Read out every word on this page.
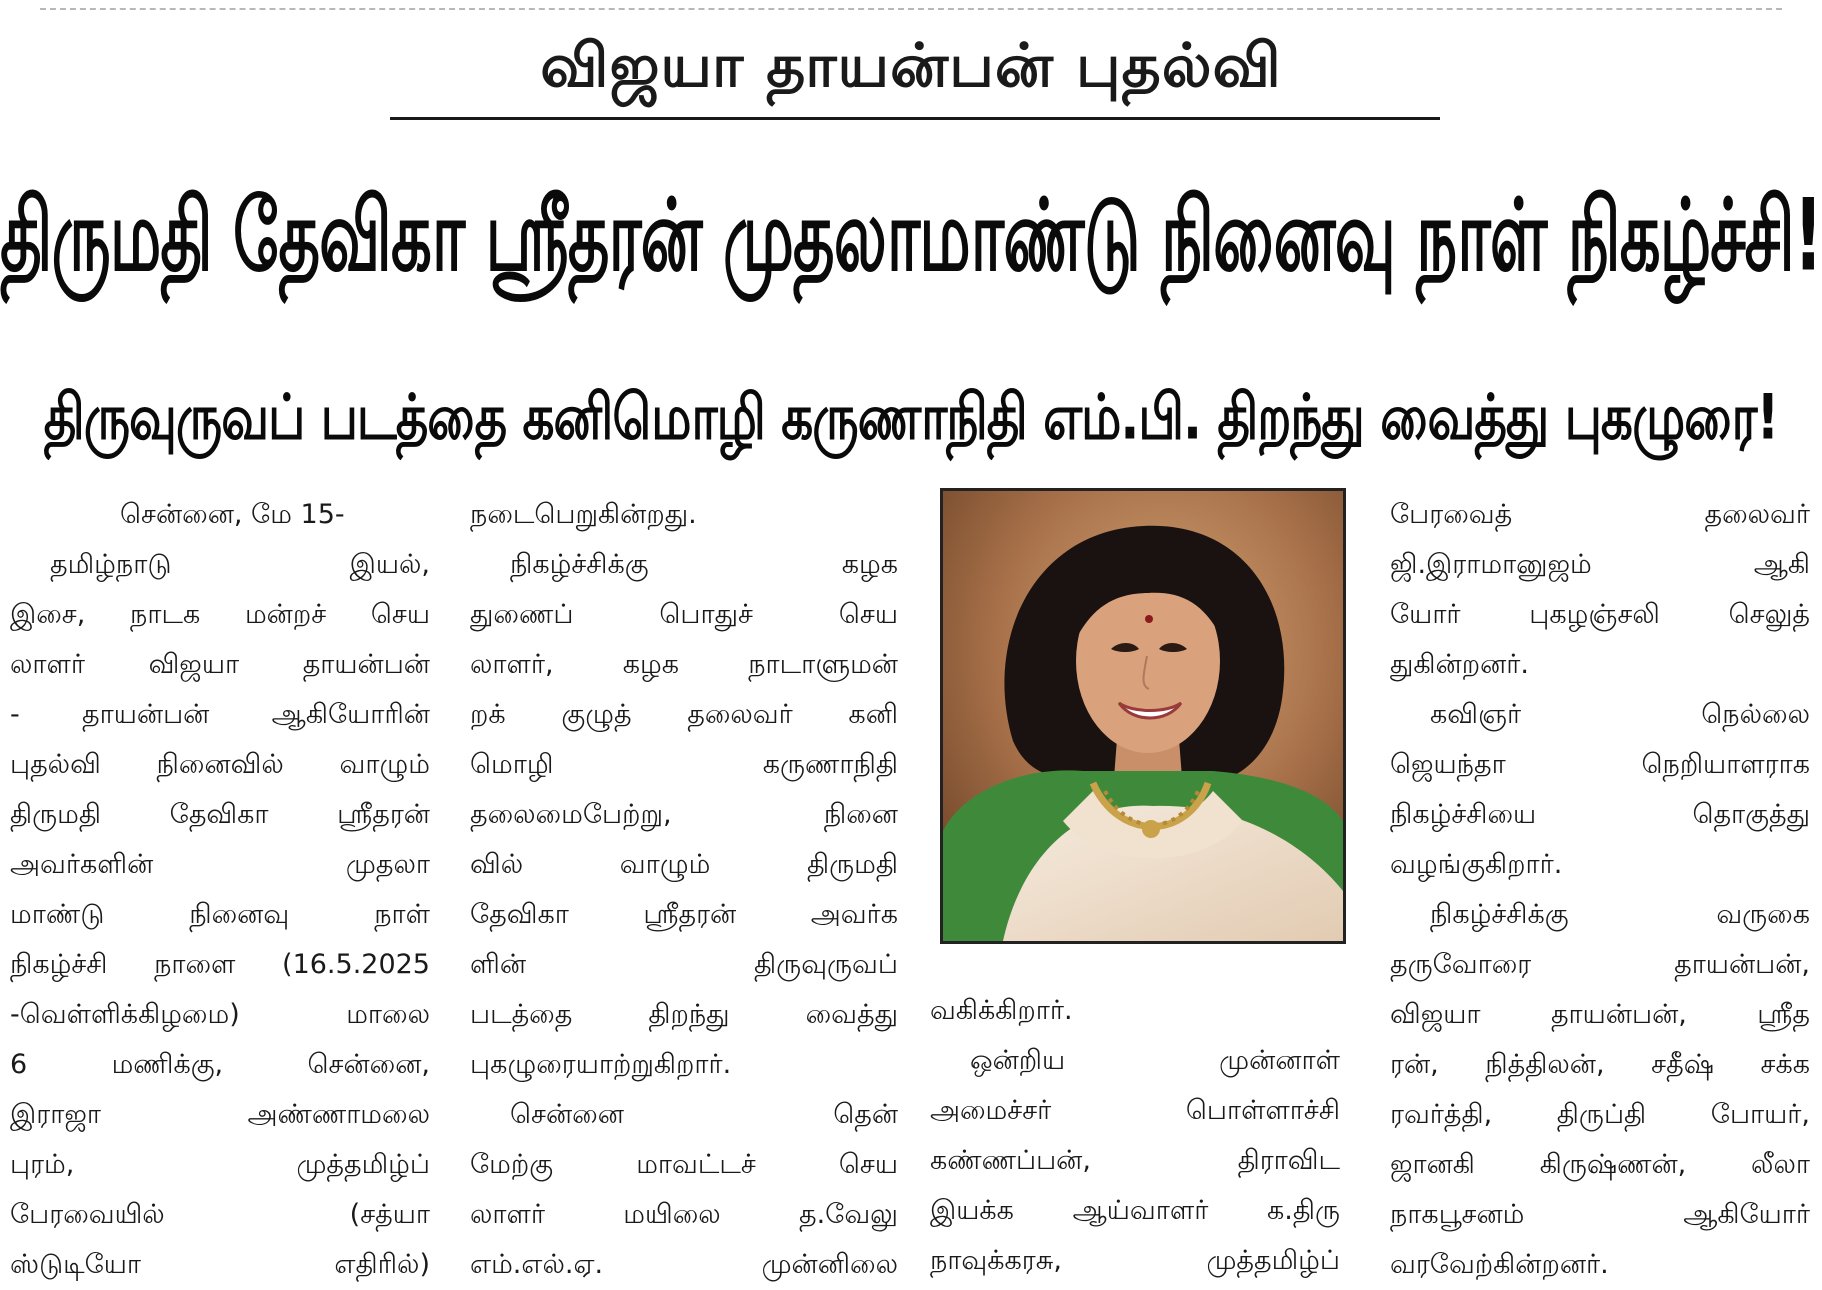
விஜயா தாயன்பன் புதல்வி
திருமதி தேவிகா ஸ்ரீதரன் முதலாமாண்டு நினைவு நாள் நிகழ்ச்சி!
திருவுருவப் படத்தை கனிமொழி கருணாநிதி எம்.பி. திறந்து வைத்து புகழுரை!
சென்னை, மே 15-
தமிழ்நாடு இயல்,
இசை, நாடக மன்றச் செய
லாளர் விஜயா தாயன்பன்
- தாயன்பன் ஆகியோரின்
புதல்வி நினைவில் வாழும்
திருமதி தேவிகா ஸ்ரீதரன்
அவர்களின் முதலா
மாண்டு நினைவு நாள்
நிகழ்ச்சி நாளை (16.5.2025
-வெள்ளிக்கிழமை) மாலை
6 மணிக்கு, சென்னை,
இராஜா அண்ணாமலை
புரம், முத்தமிழ்ப்
பேரவையில் (சத்யா
ஸ்டுடியோ எதிரில்)
நடைபெறுகின்றது.
நிகழ்ச்சிக்கு கழக
துணைப் பொதுச் செய
லாளர், கழக நாடாளுமன்
றக் குழுத் தலைவர் கனி
மொழி கருணாநிதி
தலைமைபேற்று, நினை
வில் வாழும் திருமதி
தேவிகா ஸ்ரீதரன் அவர்க
ளின் திருவுருவப்
படத்தை திறந்து வைத்து
புகழுரையாற்றுகிறார்.
சென்னை தென்
மேற்கு மாவட்டச் செய
லாளர் மயிலை த.வேலு
எம்.எல்.ஏ. முன்னிலை
வகிக்கிறார்.
ஒன்றிய முன்னாள்
அமைச்சர் பொள்ளாச்சி
கண்ணப்பன், திராவிட
இயக்க ஆய்வாளர் க.திரு
நாவுக்கரசு, முத்தமிழ்ப்
பேரவைத் தலைவர்
ஜி.இராமானுஜம் ஆகி
யோர் புகழஞ்சலி செலுத்
துகின்றனர்.
கவிஞர் நெல்லை
ஜெயந்தா நெறியாளராக
நிகழ்ச்சியை தொகுத்து
வழங்குகிறார்.
நிகழ்ச்சிக்கு வருகை
தருவோரை தாயன்பன்,
விஜயா தாயன்பன், ஸ்ரீத
ரன், நித்திலன், சதீஷ் சக்க
ரவர்த்தி, திருப்தி போயர்,
ஜானகி கிருஷ்ணன், லீலா
நாகபூசனம் ஆகியோர்
வரவேற்கின்றனர்.
